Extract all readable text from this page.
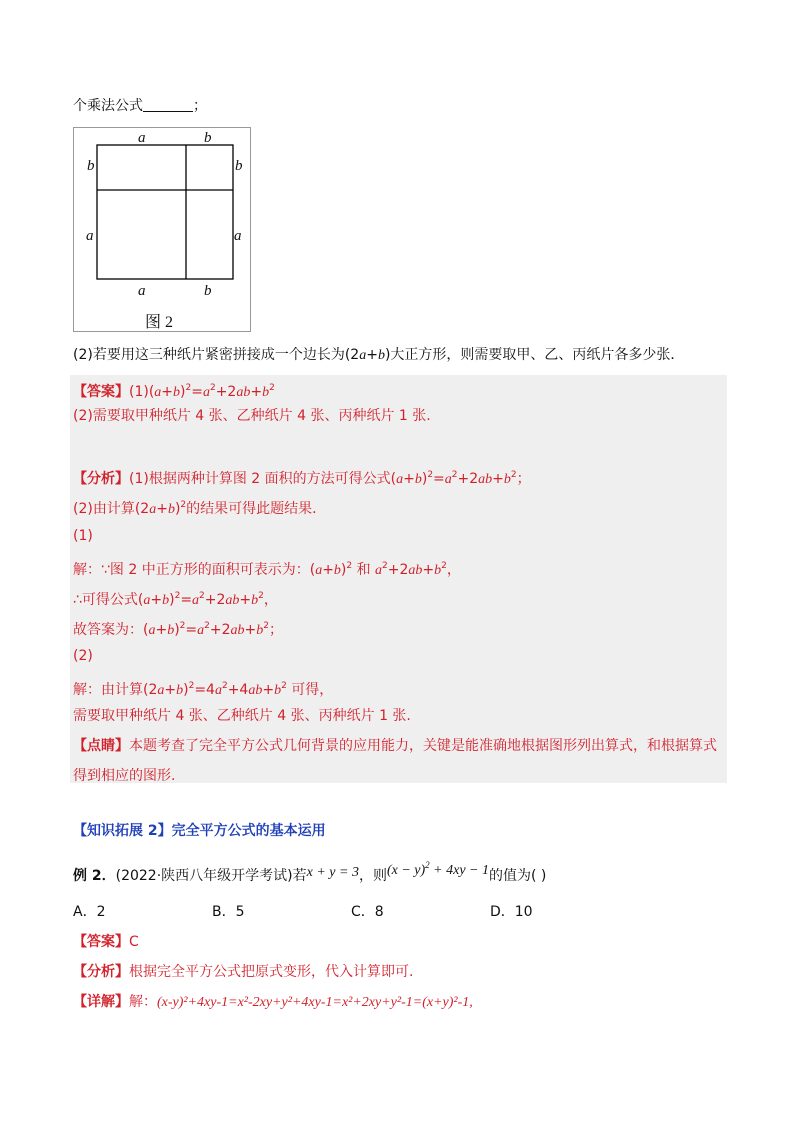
个乘法公式	；
a	b
b
a
b
a
a	b
图 2
(2)若要用这三种纸片紧密拼接成一个边长为(2a+b)大正方形，则需要取甲、乙、丙纸片各多少张．
【答案】$(1)(a+b)^2=a^2+2ab+b^2$
(2)需要取甲种纸片 4 张、乙种纸片 4 张、丙种纸片 1 张.
【分析】(1)根据两种计算图 2 面积的方法可得公式$(a+b)^2=a^2+2ab+b^2$；
(2)由计算$(2a+b)^2$的结果可得此题结果．
(1)
解：∵图 2 中正方形的面积可表示为：$(a+b)^2$ 和 $a^2+2ab+b^2$，
∴可得公式$(a+b)^2=a^2+2ab+b^2$，
故答案为：$(a+b)^2=a^2+2ab+b^2$；
(2)
解：由计算$(2a+b)^2=4a^2+4ab+b^2$ 可得，
需要取甲种纸片 4 张、乙种纸片 4 张、丙种纸片 1 张.
【点睛】本题考查了完全平方公式几何背景的应用能力，关键是能准确地根据图形列出算式，和根据算式
得到相应的图形.
【知识拓展 2】完全平方公式的基本运用
例 2．(2022·陕西八年级开学考试)若x + y = 3，则$(x - y)^2 + 4xy - 1$的值为( )
A．2	B．5	C．8	D．10
【答案】C
【分析】根据完全平方公式把原式变形，代入计算即可.
【详解】解：(x-y)²+4xy-1=x²-2xy+y²+4xy-1=x²+2xy+y²-1=(x+y)²-1,
